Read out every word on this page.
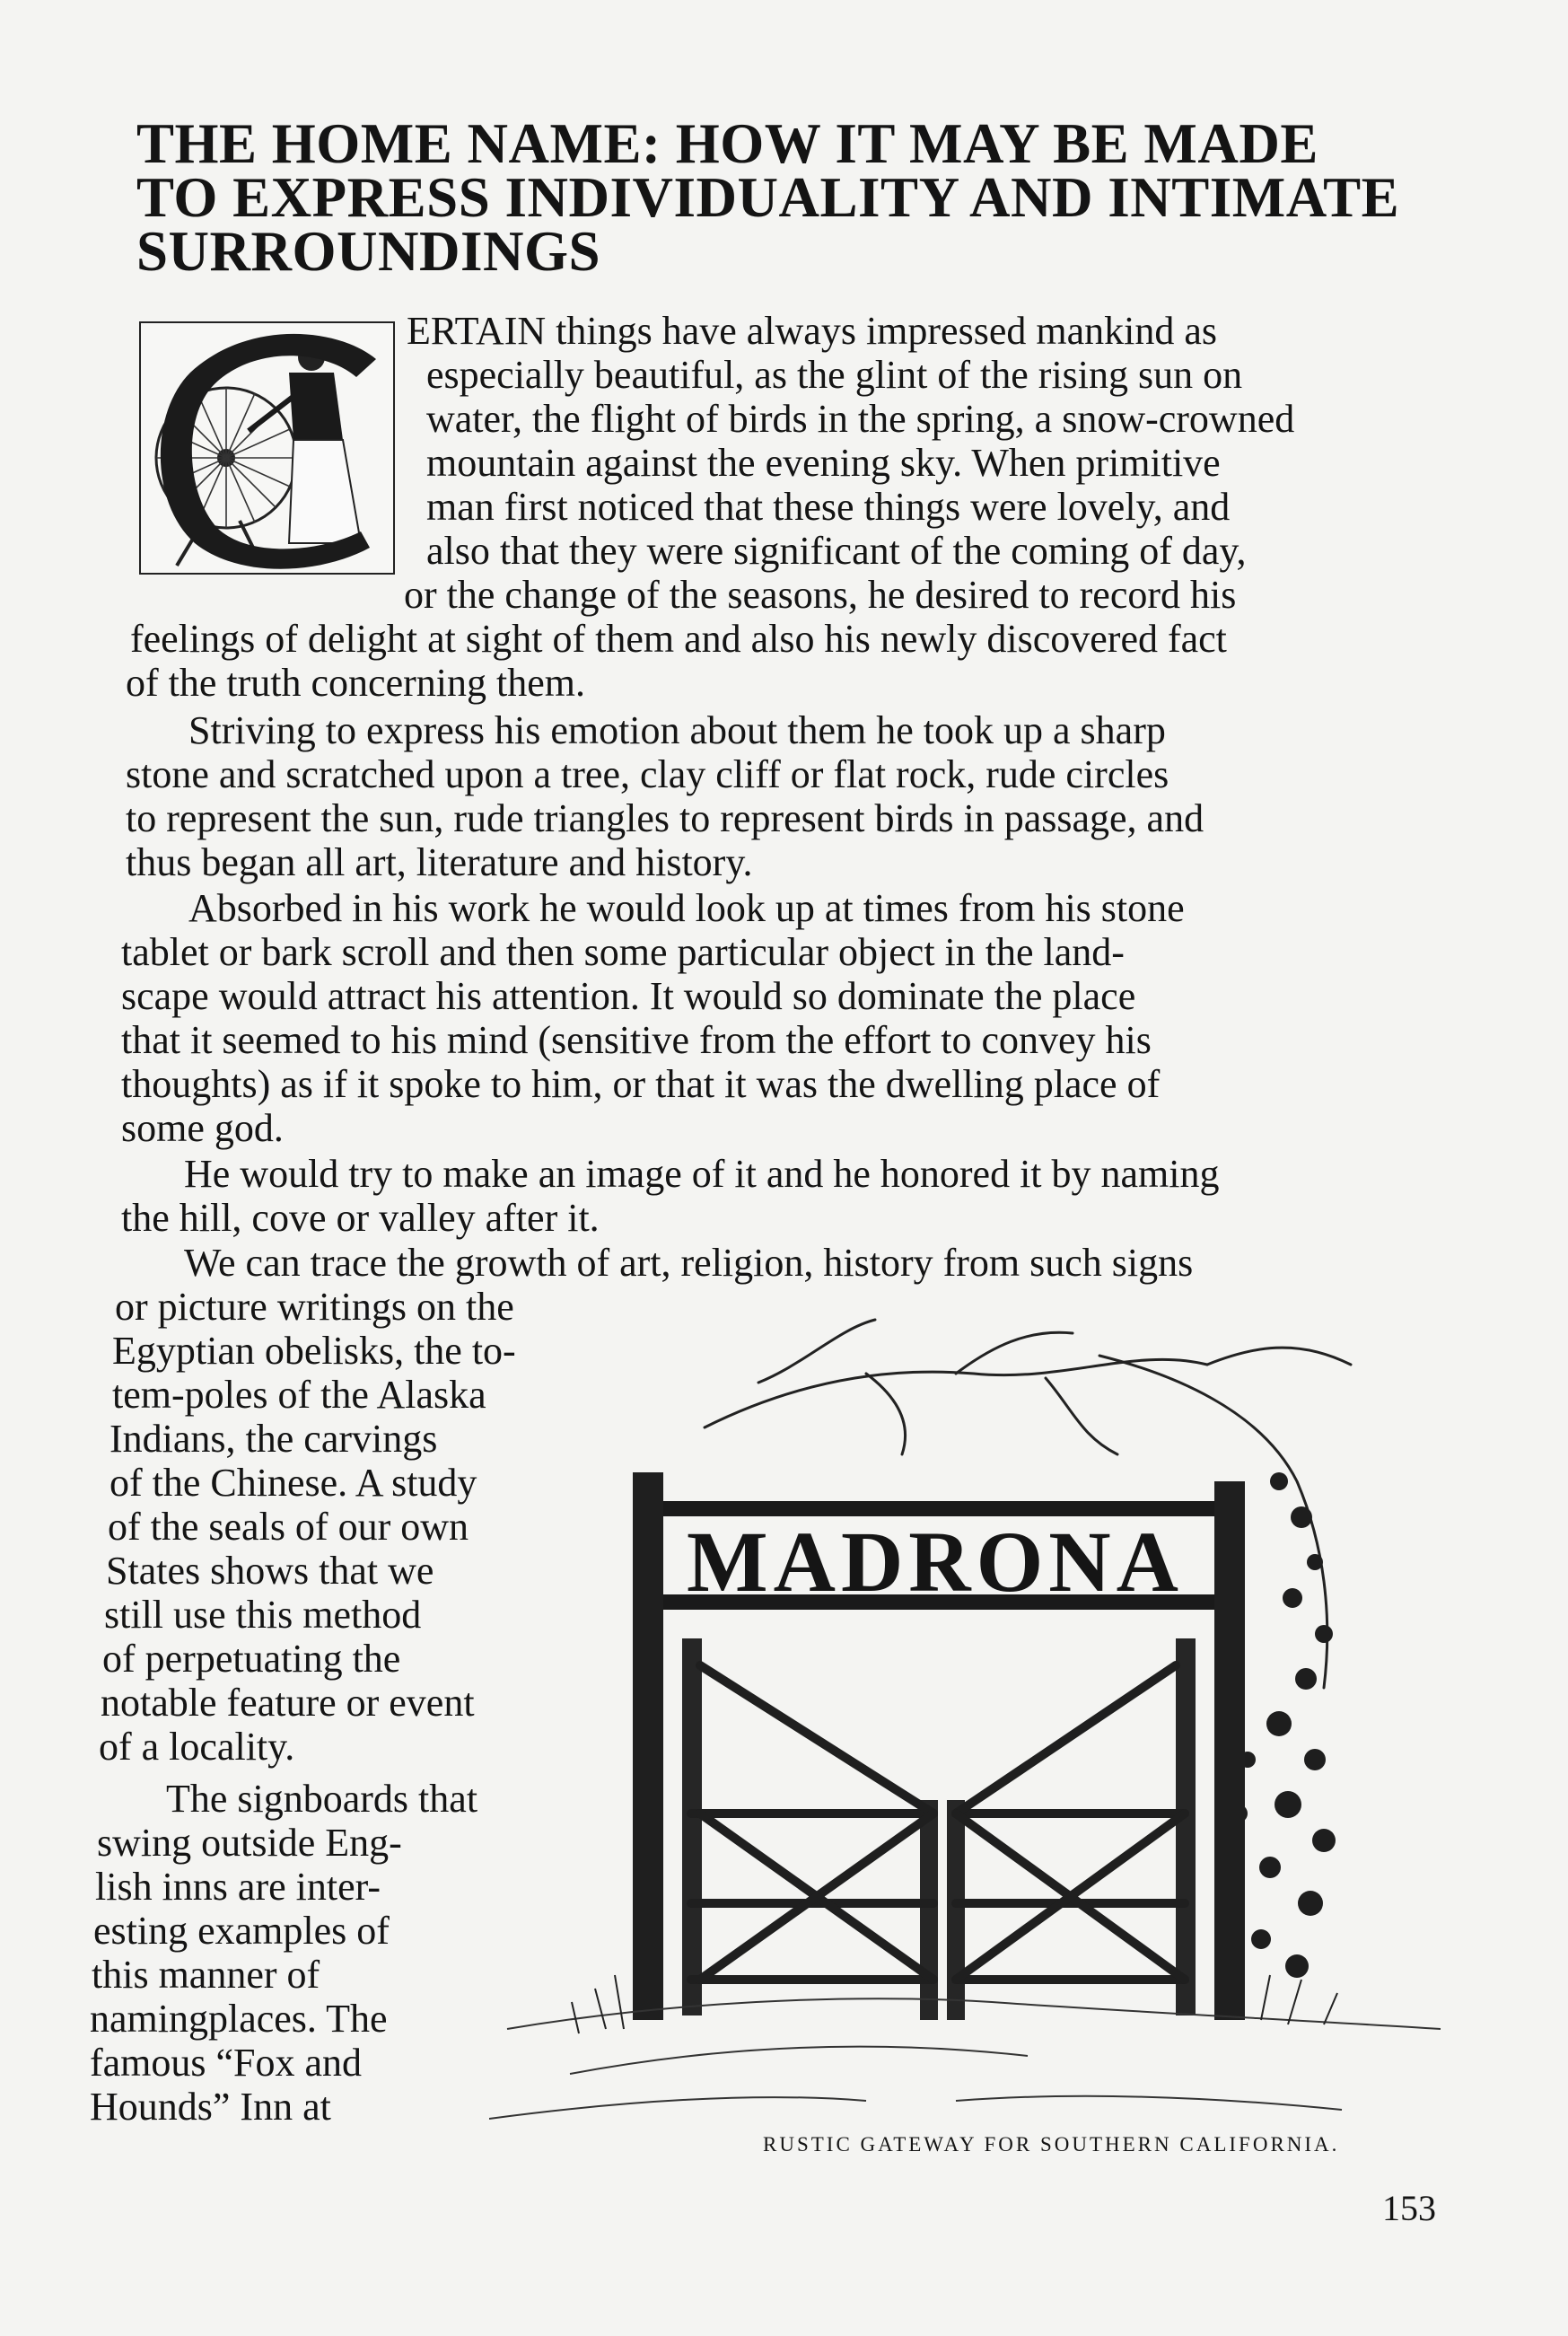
THE HOME NAME: HOW IT MAY BE MADE
TO EXPRESS INDIVIDUALITY AND INTIMATE
SURROUNDINGS
ERTAIN things have always impressed mankind as
especially beautiful, as the glint of the rising sun on
water, the flight of birds in the spring, a snow-crowned
mountain against the evening sky. When primitive
man first noticed that these things were lovely, and
also that they were significant of the coming of day,
or the change of the seasons, he desired to record his
feelings of delight at sight of them and also his newly discovered fact
of the truth concerning them.
Striving to express his emotion about them he took up a sharp
stone and scratched upon a tree, clay cliff or flat rock, rude circles
to represent the sun, rude triangles to represent birds in passage, and
thus began all art, literature and history.
Absorbed in his work he would look up at times from his stone
tablet or bark scroll and then some particular object in the land-
scape would attract his attention. It would so dominate the place
that it seemed to his mind (sensitive from the effort to convey his
thoughts) as if it spoke to him, or that it was the dwelling place of
some god.
He would try to make an image of it and he honored it by naming
the hill, cove or valley after it.
We can trace the growth of art, religion, history from such signs
or picture writings on the
Egyptian obelisks, the to-
tem-poles of the Alaska
Indians, the carvings
of the Chinese. A study
of the seals of our own
States shows that we
still use this method
of perpetuating the
notable feature or event
of a locality.
The signboards that
swing outside Eng-
lish inns are inter-
esting examples of
this manner of
namingplaces. The
famous “Fox and
Hounds” Inn at
MADRONA
RUSTIC GATEWAY FOR SOUTHERN CALIFORNIA.
153
